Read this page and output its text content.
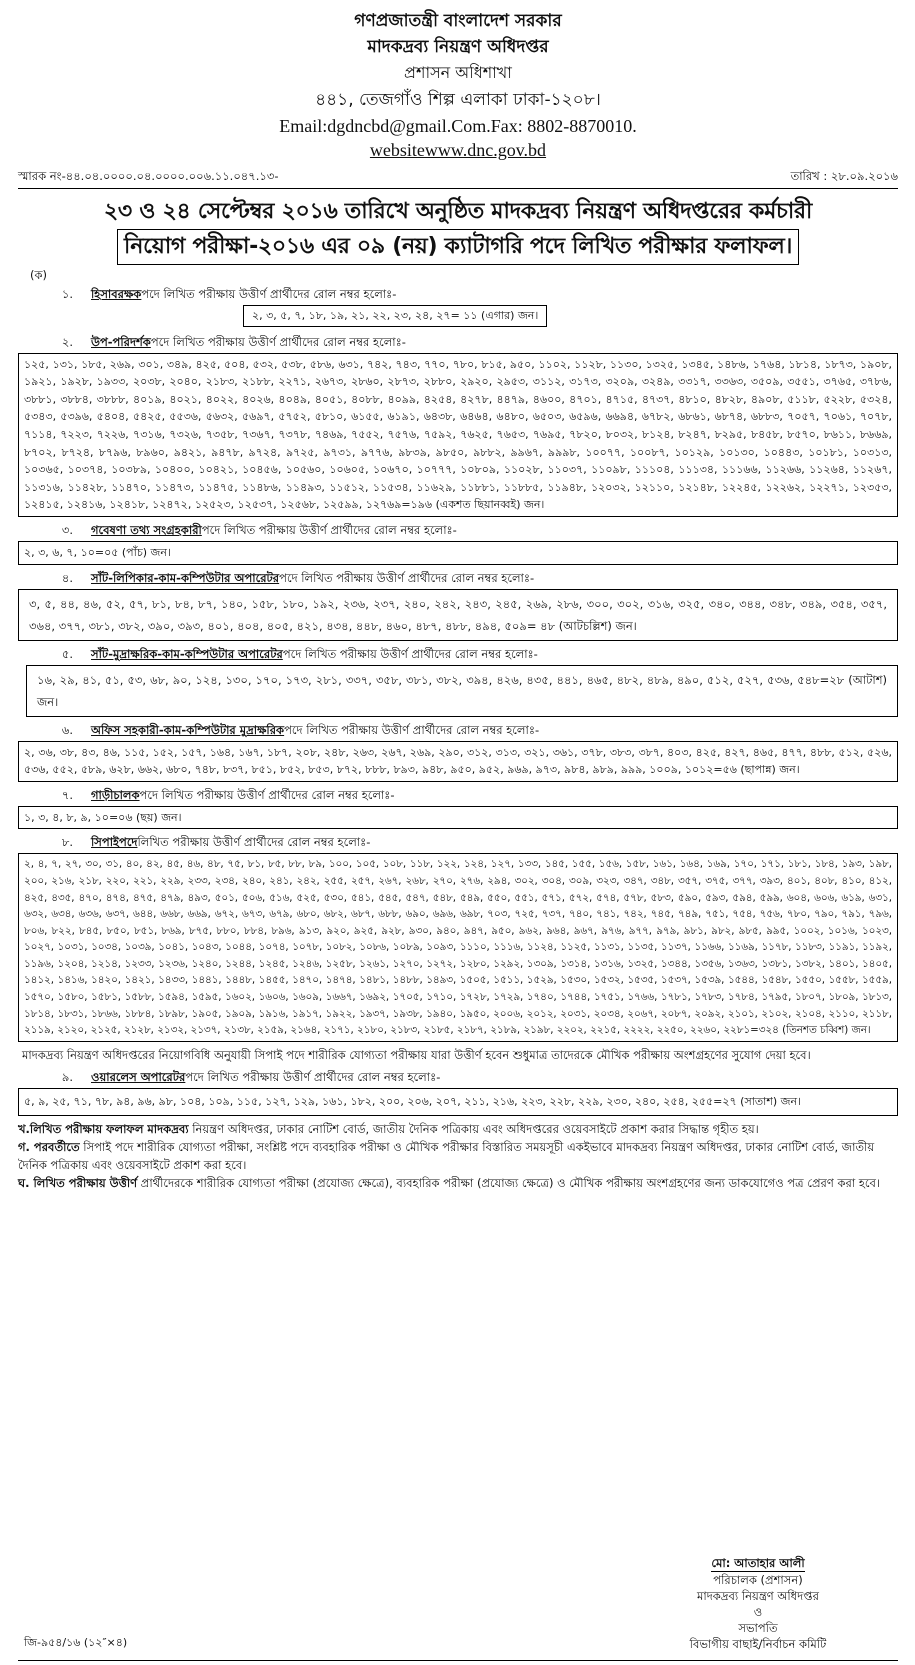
গণপ্রজাতন্ত্রী বাংলাদেশ সরকার
মাদকদ্রব্য নিয়ন্ত্রণ অধিদপ্তর
প্রশাসন অধিশাখা
৪৪১, তেজগাঁও শিল্প এলাকা ঢাকা-১২০৮।
Email:dgdncbd@gmail.Com.Fax: 8802-8870010.
websitewww.dnc.gov.bd
স্মারক নং-৪৪.০৪.০০০০.০৪.০০০০.০০৬.১১.০৪৭.১৩-	তারিখ : ২৮.০৯.২০১৬
২৩ ও ২৪ সেপ্টেম্বর ২০১৬ তারিখে অনুষ্ঠিত মাদকদ্রব্য নিয়ন্ত্রণ অধিদপ্তরের কর্মচারী
নিয়োগ পরীক্ষা-২০১৬ এর ০৯ (নয়) ক্যাটাগরি পদে লিখিত পরীক্ষার ফলাফল।
(ক)
১.	হিসাবরক্ষক পদে লিখিত পরীক্ষায় উত্তীর্ণ প্রার্থীদের রোল নম্বর হলোঃ-
২, ৩, ৫, ৭, ১৮, ১৯, ২১, ২২, ২৩, ২৪, ২৭= ১১ (এগার) জন।
২.	উপ-পরিদর্শক পদে লিখিত পরীক্ষায় উত্তীর্ণ প্রার্থীদের রোল নম্বর হলোঃ-
১২৫, ১৩১, ১৮৫, ২৬৯, ৩০১, ৩৪৯, ৪২৫, ৫০৪, ৫৩২, ৫৩৮, ৫৮৬, ৬৩১, ৭৪২, ৭৪৩, ৭৭০, ৭৮০, ৮১৫, ৯৫০, ১১০২, ১১২৮, ১১৩০, ১৩২৫, ১৩৪৫, ১৪৮৬, ১৭৬৪, ১৮১৪, ১৮৭৩, ১৯০৮, ১৯২১, ১৯২৮, ১৯৩৩, ২০৩৮, ২০৪০, ২১৮৩, ২১৮৮, ২২৭১, ২৬৭৩, ২৮৬০, ২৮৭৩, ২৮৮০, ২৯২০, ২৯৫৩, ৩১১২, ৩১৭৩, ৩২০৯, ৩২৪৯, ৩৩১৭, ৩৩৬৩, ৩৫০৯, ৩৫৫১, ৩৭৬৫, ৩৭৮৬, ৩৮৮১, ৩৮৮৪, ৩৮৮৮, ৪০১৯, ৪০২১, ৪০২২, ৪০২৬, ৪০৪৯, ৪০৫১, ৪০৮৮, ৪০৯৯, ৪২৫৪, ৪২৭৮, ৪৪৭৯, ৪৬০০, ৪৭০১, ৪৭১৫, ৪৭৩৭, ৪৮১০, ৪৮২৮, ৪৯০৮, ৫১১৮, ৫২২৮, ৫৩২৪, ৫৩৪৩, ৫৩৯৬, ৫৪০৪, ৫৪২৫, ৫৫৩৬, ৫৬৩২, ৫৬৯৭, ৫৭৫২, ৫৮১০, ৬১৫৫, ৬১৯১, ৬৪৩৮, ৬৪৬৪, ৬৪৮০, ৬৫০৩, ৬৫৯৬, ৬৬৯৪, ৬৭৮২, ৬৮৬১, ৬৮৭৪, ৬৮৮৩, ৭০৫৭, ৭০৬১, ৭০৭৮, ৭১১৪, ৭২২৩, ৭২২৬, ৭৩১৬, ৭৩২৬, ৭৩৫৮, ৭৩৬৭, ৭৩৭৮, ৭৪৬৯, ৭৫৫২, ৭৫৭৬, ৭৫৯২, ৭৬২৫, ৭৬৫৩, ৭৬৯৫, ৭৮২০, ৮০৩২, ৮১২৪, ৮২৪৭, ৮২৯৫, ৮৪৫৮, ৮৫৭০, ৮৬১১, ৮৬৬৯, ৮৭০২, ৮৭২৪, ৮৭৯৬, ৮৯৬০, ৯৪২১, ৯৪৭৮, ৯৭২৪, ৯৭২৫, ৯৭৩১, ৯৭৭৬, ৯৮৩৯, ৯৮৫০, ৯৮৮২, ৯৯৬৭, ৯৯৯৮, ১০০৭৭, ১০০৮৭, ১০১২৯, ১০১৩০, ১০৪৪৩, ১০১৮১, ১০৩১৩, ১০৩৬৫, ১০৩৭৪, ১০৩৮৯, ১০৪০০, ১০৪২১, ১০৪৫৬, ১০৫৬০, ১০৬০৫, ১০৬৭০, ১০৭৭৭, ১০৮০৯, ১১০২৮, ১১০৩৭, ১১০৯৮, ১১১০৪, ১১১৩৪, ১১১৬৬, ১১২৬৬, ১১২৬৪, ১১২৬৭, ১১৩১৬, ১১৪২৮, ১১৪৭০, ১১৪৭৩, ১১৪৭৫, ১১৪৮৬, ১১৪৯৩, ১১৫১২, ১১৫৩৪, ১১৬২৯, ১১৮৮১, ১১৮৮৫, ১১৯৪৮, ১২০৩২, ১২১১০, ১২১৪৮, ১২২৪৫, ১২২৬২, ১২২৭১, ১২৩৫৩, ১২৪১৫, ১২৪১৬, ১২৪১৮, ১২৪৭২, ১২৫২৩, ১২৫৩৭, ১২৫৬৮, ১২৫৯৯, ১২৭৬৯=১৯৬ (একশত ছিয়ানব্বই) জন।
৩.	গবেষণা তথ্য সংগ্রহকারী পদে লিখিত পরীক্ষায় উত্তীর্ণ প্রার্থীদের রোল নম্বর হলোঃ-
২, ৩, ৬, ৭, ১০=০৫ (পাঁচ) জন।
৪.	সাঁট-লিপিকার-কাম-কম্পিউটার অপারেটর পদে লিখিত পরীক্ষায় উত্তীর্ণ প্রার্থীদের রোল নম্বর হলোঃ-
৩, ৫, ৪৪, ৪৬, ৫২, ৫৭, ৮১, ৮৪, ৮৭, ১৪০, ১৫৮, ১৮০, ১৯২, ২৩৬, ২৩৭, ২৪০, ২৪২, ২৪৩, ২৪৫, ২৬৯, ২৮৬, ৩০০, ৩০২, ৩১৬, ৩২৫, ৩৪০, ৩৪৪, ৩৪৮, ৩৪৯, ৩৫৪, ৩৫৭, ৩৬৪, ৩৭৭, ৩৮১, ৩৮২, ৩৯০, ৩৯৩, ৪০১, ৪০৪, ৪০৫, ৪২১, ৪৩৪, ৪৪৮, ৪৬০, ৪৮৭, ৪৮৮, ৪৯৪, ৫০৯= ৪৮ (আটচল্লিশ) জন।
৫.	সাঁট-মুদ্রাক্ষরিক-কাম-কম্পিউটার অপারেটর পদে লিখিত পরীক্ষায় উত্তীর্ণ প্রার্থীদের রোল নম্বর হলোঃ-
১৬, ২৯, ৪১, ৫১, ৫৩, ৬৮, ৯০, ১২৪, ১৩০, ১৭০, ১৭৩, ২৮১, ৩৩৭, ৩৫৮, ৩৮১, ৩৮২, ৩৯৪, ৪২৬, ৪৩৫, ৪৪১, ৪৬৫, ৪৮২, ৪৮৯, ৪৯০, ৫১২, ৫২৭, ৫৩৬, ৫৪৮=২৮ (আটাশ) জন।
৬.	অফিস সহকারী-কাম-কম্পিউটার মুদ্রাক্ষরিক পদে লিখিত পরীক্ষায় উত্তীর্ণ প্রার্থীদের রোল নম্বর হলোঃ-
২, ৩৬, ৩৮, ৪৩, ৪৬, ১১৫, ১৫২, ১৫৭, ১৬৪, ১৬৭, ১৮৭, ২০৮, ২৪৮, ২৬৩, ২৬৭, ২৬৯, ২৯০, ৩১২, ৩১৩, ৩২১, ৩৬১, ৩৭৮, ৩৮৩, ৩৮৭, ৪০৩, ৪২৫, ৪২৭, ৪৬৫, ৪৭৭, ৪৮৮, ৫১২, ৫২৬, ৫৩৬, ৫৫২, ৫৮৯, ৬২৮, ৬৬২, ৬৮০, ৭৪৮, ৮৩৭, ৮৫১, ৮৫২, ৮৫৩, ৮৭২, ৮৮৮, ৮৯৩, ৯৪৮, ৯৫০, ৯৫২, ৯৬৯, ৯৭৩, ৯৮৪, ৯৮৯, ৯৯৯, ১০০৯, ১০১২=৫৬ (ছাপান্ন) জন।
৭.	গাড়ীচালক পদে লিখিত পরীক্ষায় উত্তীর্ণ প্রার্থীদের রোল নম্বর হলোঃ-
১, ৩, ৪, ৮, ৯, ১০=০৬ (ছয়) জন।
৮.	সিপাইপদে লিখিত পরীক্ষায় উত্তীর্ণ প্রার্থীদের রোল নম্বর হলোঃ-
২, ৪, ৭, ২৭, ৩০, ৩১, ৪০, ৪২, ৪৫, ৪৬, ৪৮, ৭৫, ৮১, ৮৫, ৮৮, ৮৯, ১০০, ১০৫, ১০৮, ১১৮, ১২২, ১২৪, ১২৭, ১৩৩, ১৪৫, ১৫৫, ১৫৬, ১৫৮, ১৬১, ১৬৪, ১৬৯, ১৭০, ১৭১, ১৮১, ১৮৪, ১৯৩, ১৯৮, ২০০, ২১৬, ২১৮, ২২০, ২২১, ২২৯, ২৩৩, ২৩৪, ২৪০, ২৪১, ২৪২, ২৫৫, ২৫৭, ২৬৭, ২৬৮, ২৭০, ২৭৬, ২৯৪, ৩০২, ৩০৪, ৩০৯, ৩২৩, ৩৪৭, ৩৪৮, ৩৫৭, ৩৭৫, ৩৭৭, ৩৯৩, ৪০১, ৪০৮, ৪১০, ৪১২, ৪২৫, ৪৩৫, ৪৭০, ৪৭৪, ৪৭৫, ৪৭৯, ৪৯৩, ৫০১, ৫০৬, ৫১৬, ৫২৫, ৫৩০, ৫৪১, ৫৪৫, ৫৪৭, ৫৪৮, ৫৪৯, ৫৫০, ৫৫১, ৫৭১, ৫৭২, ৫৭৪, ৫৭৮, ৫৮৩, ৫৯০, ৫৯৩, ৫৯৪, ৫৯৯, ৬০৪, ৬০৬, ৬১৯, ৬৩১, ৬৩২, ৬৩৪, ৬৩৬, ৬৩৭, ৬৪৪, ৬৬৮, ৬৬৯, ৬৭২, ৬৭৩, ৬৭৯, ৬৮০, ৬৮২, ৬৮৭, ৬৮৮, ৬৯০, ৬৯৬, ৬৯৮, ৭০৩, ৭২৫, ৭৩৭, ৭৪০, ৭৪১, ৭৪২, ৭৪৫, ৭৪৯, ৭৫১, ৭৫৪, ৭৫৬, ৭৮০, ৭৯০, ৭৯১, ৭৯৬, ৮০৬, ৮২২, ৮৪৫, ৮৫০, ৮৫১, ৮৬৯, ৮৭৫, ৮৮০, ৮৮৪, ৮৯৬, ৯১৩, ৯২০, ৯২৫, ৯২৮, ৯৩০, ৯৪০, ৯৪৭, ৯৫০, ৯৬২, ৯৬৪, ৯৬৭, ৯৭৬, ৯৭৭, ৯৭৯, ৯৮১, ৯৮২, ৯৮৫, ৯৯৫, ১০০২, ১০১৬, ১০২৩, ১০২৭, ১০৩১, ১০৩৪, ১০৩৯, ১০৪১, ১০৪৩, ১০৪৪, ১০৭৪, ১০৭৮, ১০৮২, ১০৮৬, ১০৮৯, ১০৯৩, ১১১০, ১১১৬, ১১২৪, ১১২৫, ১১৩১, ১১৩৫, ১১৩৭, ১১৬৬, ১১৬৯, ১১৭৮, ১১৮৩, ১১৯১, ১১৯২, ১১৯৬, ১২০৪, ১২১৪, ১২৩৩, ১২৩৬, ১২৪০, ১২৪৪, ১২৪৫, ১২৪৬, ১২৫৮, ১২৬১, ১২৭০, ১২৭২, ১২৮০, ১২৯২, ১৩০৯, ১৩১৪, ১৩১৬, ১৩২৫, ১৩৪৪, ১৩৫৬, ১৩৬৩, ১৩৮১, ১৩৮২, ১৪০১, ১৪০৫, ১৪১২, ১৪১৬, ১৪২০, ১৪২১, ১৪৩৩, ১৪৪১, ১৪৪৮, ১৪৫৫, ১৪৭০, ১৪৭৪, ১৪৮১, ১৪৮৮, ১৪৯৩, ১৫০৫, ১৫১১, ১৫২৯, ১৫৩০, ১৫৩২, ১৫৩৫, ১৫৩৭, ১৫৩৯, ১৫৪৪, ১৫৪৮, ১৫৫০, ১৫৫৮, ১৫৫৯, ১৫৭০, ১৫৮০, ১৫৮১, ১৫৮৮, ১৫৯৪, ১৫৯৫, ১৬০২, ১৬০৬, ১৬০৯, ১৬৬৭, ১৬৯২, ১৭০৫, ১৭১০, ১৭২৮, ১৭২৯, ১৭৪০, ১৭৪৪, ১৭৫১, ১৭৬৬, ১৭৮১, ১৭৮৩, ১৭৮৪, ১৭৯৫, ১৮০৭, ১৮০৯, ১৮১৩, ১৮১৪, ১৮৩১, ১৮৬৬, ১৮৮৪, ১৮৯৮, ১৯০৫, ১৯০৯, ১৯১৬, ১৯১৭, ১৯২২, ১৯৩৭, ১৯৩৮, ১৯৪০, ১৯৫০, ২০০৬, ২০১২, ২০৩১, ২০৩৪, ২০৬৭, ২০৮৭, ২০৯২, ২১০১, ২১০২, ২১০৪, ২১১০, ২১১৮, ২১১৯, ২১২০, ২১২৫, ২১২৮, ২১৩২, ২১৩৭, ২১৩৮, ২১৫৯, ২১৬৪, ২১৭১, ২১৮০, ২১৮৩, ২১৮৫, ২১৮৭, ২১৮৯, ২১৯৮, ২২০২, ২২১৫, ২২২২, ২২৫০, ২২৬০, ২২৮১=৩২৪ (তিনশত চব্বিশ) জন।
মাদকদ্রব্য নিয়ন্ত্রণ অধিদপ্তরের নিয়োগবিধি অনুযায়ী সিপাই পদে শারীরিক যোগ্যতা পরীক্ষায় যারা উত্তীর্ণ হবেন শুধুমাত্র তাদেরকে মৌখিক পরীক্ষায় অংশগ্রহণের সুযোগ দেয়া হবে।
৯.	ওয়ারলেস অপারেটর পদে লিখিত পরীক্ষায় উত্তীর্ণ প্রার্থীদের রোল নম্বর হলোঃ-
৫, ৯, ২৫, ৭১, ৭৮, ৯৪, ৯৬, ৯৮, ১০৪, ১০৯, ১১৫, ১২৭, ১২৯, ১৬১, ১৮২, ২০০, ২০৬, ২০৭, ২১১, ২১৬, ২২৩, ২২৮, ২২৯, ২৩০, ২৪০, ২৫৪, ২৫৫=২৭ (সাতাশ) জন।
খ.লিখিত পরীক্ষায় ফলাফল মাদকদ্রব্য নিয়ন্ত্রণ অধিদপ্তর, ঢাকার নোটিশ বোর্ড, জাতীয় দৈনিক পত্রিকায় এবং অধিদপ্তরের ওয়েবসাইটে প্রকাশ করার সিদ্ধান্ত গৃহীত হয়।
গ. পরবর্তীতে সিপাই পদে শারীরিক যোগ্যতা পরীক্ষা, সংশ্লিষ্ট পদে ব্যবহারিক পরীক্ষা ও মৌখিক পরীক্ষার বিস্তারিত সময়সূচী একইভাবে মাদকদ্রব্য নিয়ন্ত্রণ অধিদপ্তর, ঢাকার নোটিশ বোর্ড, জাতীয় দৈনিক পত্রিকায় এবং ওয়েবসাইটে প্রকাশ করা হবে।
ঘ. লিখিত পরীক্ষায় উত্তীর্ণ প্রার্থীদেরকে শারীরিক যোগ্যতা পরীক্ষা (প্রযোজ্য ক্ষেত্রে), ব্যবহারিক পরীক্ষা (প্রযোজ্য ক্ষেত্রে) ও মৌখিক পরীক্ষায় অংশগ্রহণের জন্য ডাকযোগেও পত্র প্রেরণ করা হবে।
মো: আতাহার আলী
পরিচালক (প্রশাসন)
মাদকদ্রব্য নিয়ন্ত্রণ অধিদপ্তর
ও
সভাপতি
বিভাগীয় বাছাই/নির্বাচন কমিটি
জি-৯৫৪/১৬ (১২″×৪)
